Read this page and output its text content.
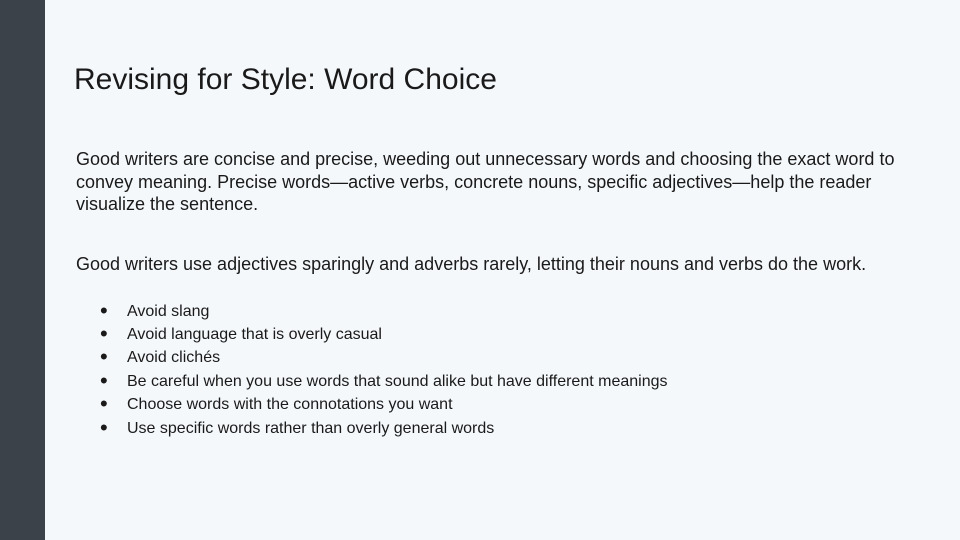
Revising for Style: Word Choice

Good writers are concise and precise, weeding out unnecessary words and choosing the exact word to convey meaning. Precise words—active verbs, concrete nouns, specific adjectives—help the reader visualize the sentence.

Good writers use adjectives sparingly and adverbs rarely, letting their nouns and verbs do the work.

•	Avoid slang
•	Avoid language that is overly casual
•	Avoid clichés
•	Be careful when you use words that sound alike but have different meanings
•	Choose words with the connotations you want
•	Use specific words rather than overly general words
